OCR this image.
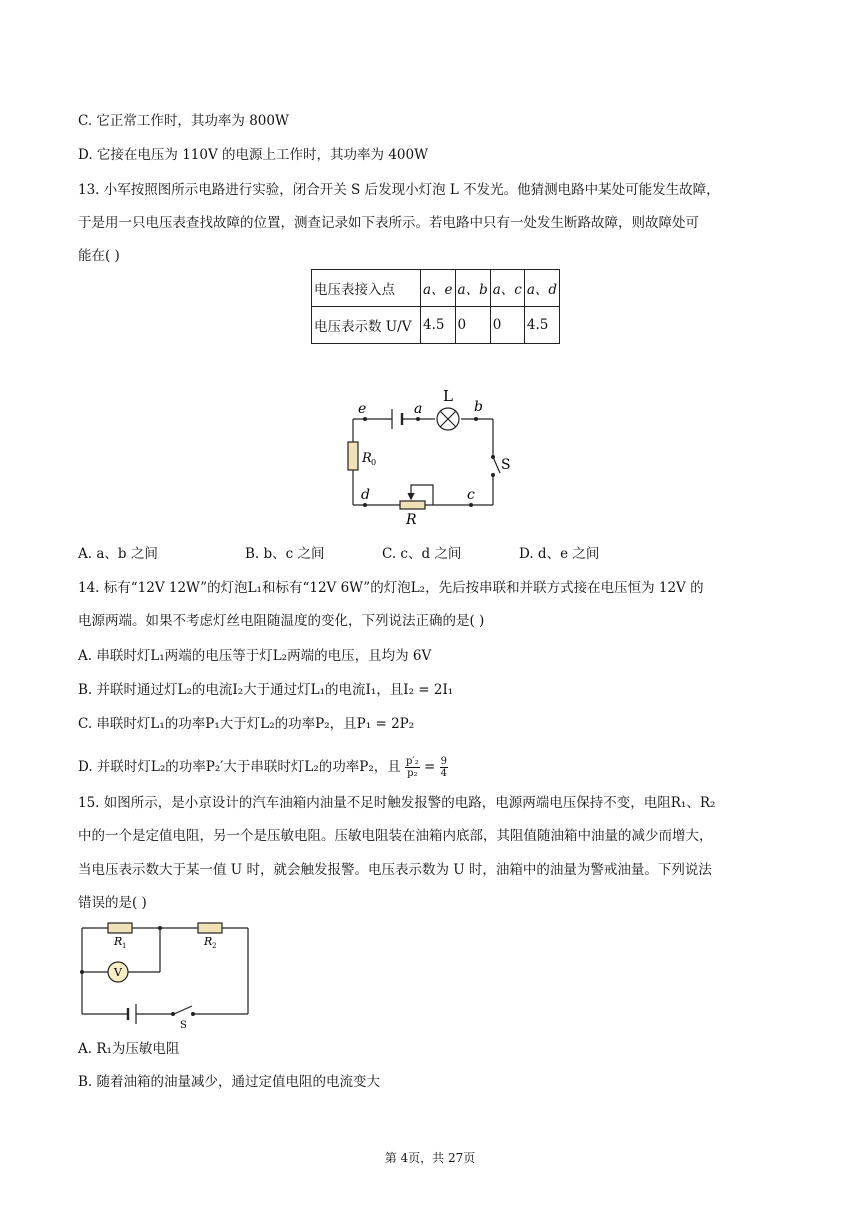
C. 它正常工作时，其功率为 800W
D. 它接在电压为 110V 的电源上工作时，其功率为 400W
13. 小军按照图所示电路进行实验，闭合开关 S 后发现小灯泡 L 不发光。他猜测电路中某处可能发生故障，
于是用一只电压表查找故障的位置，测查记录如下表所示。若电路中只有一处发生断路故障，则故障处可
能在( )
电压表接入点	a、e	a、b	a、c	a、d
电压表示数 U/V	4.5	0	0	4.5
e	a
L
b
S
R 0
d	c
R
A. a、b 之间	B. b、c 之间	C. c、d 之间	D. d、e 之间
14. 标有“12V 12W”的灯泡L₁和标有“12V 6W”的灯泡L₂，先后按串联和并联方式接在电压恒为 12V 的
电源两端。如果不考虑灯丝电阻随温度的变化，下列说法正确的是( )
A. 串联时灯L₁两端的电压等于灯L₂两端的电压，且均为 6V
B. 并联时通过灯L₂的电流I₂大于通过灯L₁的电流I₁，且I₂ = 2I₁
C. 串联时灯L₁的功率P₁大于灯L₂的功率P₂，且P₁ = 2P₂
D. 并联时灯L₂的功率P₂′大于串联时灯L₂的功率P₂，且 $\frac{\text{p′₂}}{\text{p₂}} = \frac{9}{4}$
15. 如图所示，是小京设计的汽车油箱内油量不足时触发报警的电路，电源两端电压保持不变，电阻R₁、R₂
中的一个是定值电阻，另一个是压敏电阻。压敏电阻装在油箱内底部，其阻值随油箱中油量的减少而增大，
当电压表示数大于某一值 U 时，就会触发报警。电压表示数为 U 时，油箱中的油量为警戒油量。下列说法
错误的是( )
R 1	R 2
V
S
A. R₁为压敏电阻
B. 随着油箱的油量减少，通过定值电阻的电流变大
第 4页，共 27页
